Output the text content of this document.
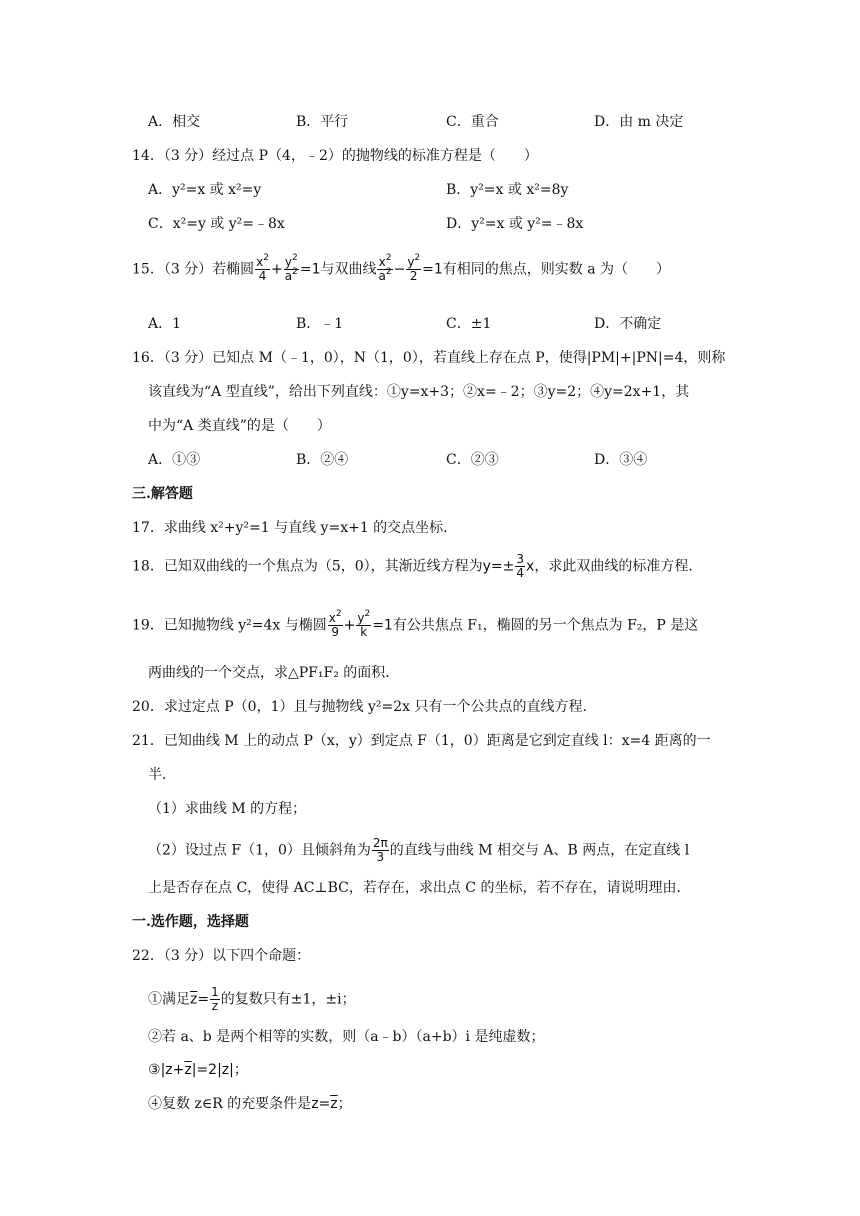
A．相交	B．平行	C．重合	D．由 m 决定
14．（3 分）经过点 P（4，﹣2）的抛物线的标准方程是（　　）
A．y²=x 或 x²=y	B．y²=x 或 x²=8y
C．x²=y 或 y²=﹣8x	D．y²=x 或 y²=﹣8x
15．（3 分）若椭圆 $\frac{x^2}{4} + \frac{y^2}{a^2} =1$与双曲线 $\frac{x^2}{a^2} - \frac{y^2}{2} =1$有相同的焦点，则实数 a 为（　　）
A．1	B．﹣1	C．±1	D．不确定
16．（3 分）已知点 M（﹣1，0），N（1，0），若直线上存在点 P，使得|PM|+|PN|=4，则称
该直线为“A 型直线”，给出下列直线：①y=x+3；②x=﹣2；③y=2；④y=2x+1，其
中为“A 类直线”的是（　　）
A．①③	B．②④	C．②③	D．③④
三.解答题
17．求曲线 x²+y²=1 与直线 y=x+1 的交点坐标．
18．已知双曲线的一个焦点为（5，0），其渐近线方程为$y=\pm \frac{3}{4}$ x，求此双曲线的标准方程．
19．已知抛物线 y²=4x 与椭圆 $\frac{x^2}{9} + \frac{y^2}{k} =1$有公共焦点 F₁，椭圆的另一个焦点为 F₂，P 是这
两曲线的一个交点，求△PF₁F₂ 的面积．
20．求过定点 P（0，1）且与抛物线 y²=2x 只有一个公共点的直线方程．
21．已知曲线 M 上的动点 P（x，y）到定点 F（1，0）距离是它到定直线 l：x=4 距离的一
半．
（1）求曲线 M 的方程；
（2）设过点 F（1，0）且倾斜角为 $\frac{2\pi}{3}$ 的直线与曲线 M 相交与 A、B 两点，在定直线 l
上是否存在点 C，使得 AC⊥BC，若存在，求出点 C 的坐标，若不存在，请说明理由．
一.选作题，选择题
22．（3 分）以下四个命题：
①满足$\overline{z}= \frac{1}{z}$ 的复数只有±1，±i；
②若 a、b 是两个相等的实数，则（a﹣b）（a+b）i 是纯虚数；
$③|z+\overline{z}|=2|z|$；
④复数 z∈R 的充要条件是$z=\overline{z}$；
